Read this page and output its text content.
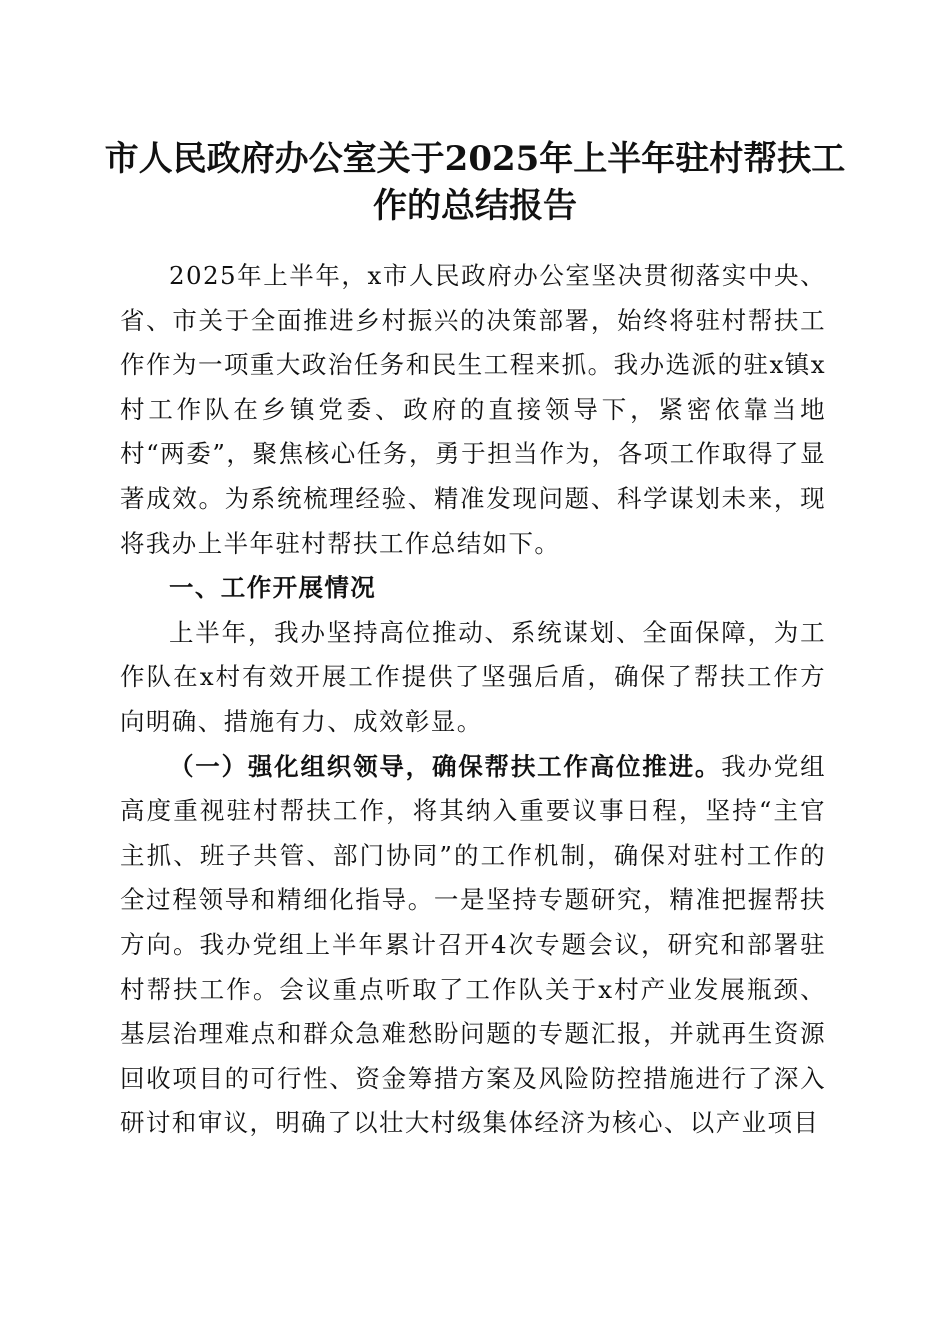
市人民政府办公室关于2025年上半年驻村帮扶工作的总结报告

2025年上半年，x市人民政府办公室坚决贯彻落实中央、省、市关于全面推进乡村振兴的决策部署，始终将驻村帮扶工作作为一项重大政治任务和民生工程来抓。我办选派的驻x镇x村工作队在乡镇党委、政府的直接领导下，紧密依靠当地村“两委”，聚焦核心任务，勇于担当作为，各项工作取得了显著成效。为系统梳理经验、精准发现问题、科学谋划未来，现将我办上半年驻村帮扶工作总结如下。

一、工作开展情况

上半年，我办坚持高位推动、系统谋划、全面保障，为工作队在x村有效开展工作提供了坚强后盾，确保了帮扶工作方向明确、措施有力、成效彰显。

（一）强化组织领导，确保帮扶工作高位推进。我办党组高度重视驻村帮扶工作，将其纳入重要议事日程，坚持“主官主抓、班子共管、部门协同”的工作机制，确保对驻村工作的全过程领导和精细化指导。一是坚持专题研究，精准把握帮扶方向。我办党组上半年累计召开4次专题会议，研究和部署驻村帮扶工作。会议重点听取了工作队关于x村产业发展瓶颈、基层治理难点和群众急难愁盼问题的专题汇报，并就再生资源回收项目的可行性、资金筹措方案及风险防控措施进行了深入研讨和审议，明确了以壮大村级集体经济为核心、以产业项目
